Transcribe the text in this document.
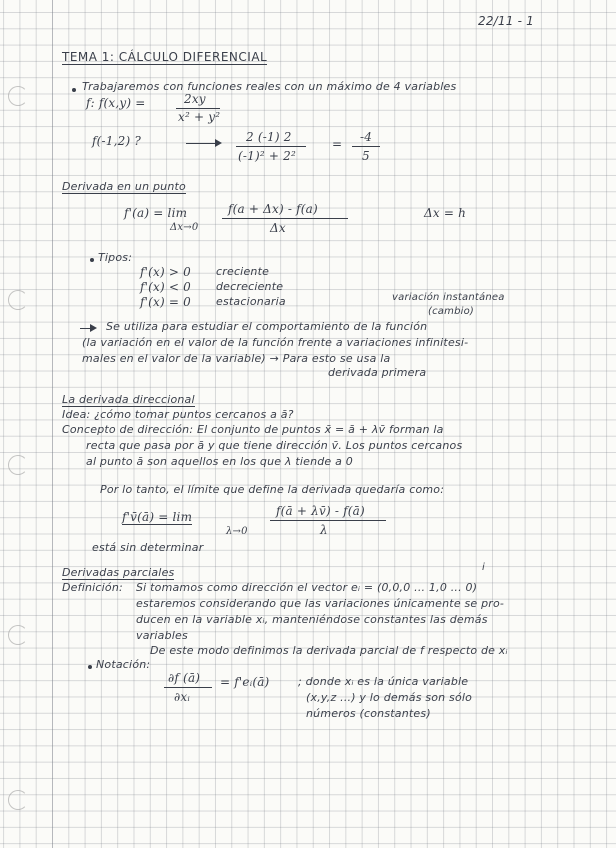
22/11 - 1
TEMA 1: CÁLCULO DIFERENCIAL
Trabajaremos con funciones reales con un máximo de 4 variables
f: f(x,y) =	2xy
x² + y²
f(-1,2) ?	2 (-1) 2
(-1)² + 2²
= -4
5
Derivada en un punto
f'(a) = lim
Δx→0
f(a + Δx) - f(a)
Δx
Δx = h
Tipos:
f'(x) > 0 creciente
f'(x) < 0 decreciente
f'(x) = 0 estacionaria	variación instantánea
(cambio)
Se utiliza para estudiar el comportamiento de la función
(la variación en el valor de la función frente a variaciones infinitesi-
males en el valor de la variable) → Para esto se usa la
derivada primera
La derivada direccional
Idea: ¿cómo tomar puntos cercanos a ā?
Concepto de dirección: El conjunto de puntos x̄ = ā + λv̄ forman la
recta que pasa por ā y que tiene dirección v̄. Los puntos cercanos
al punto ā son aquellos en los que λ tiende a 0
Por lo tanto, el límite que define la derivada quedaría como:
f'v̄(ā) = lim
λ→0
f(ā + λv̄) - f(ā)
λ
está sin determinar
Derivadas parciales
Definición: Si tomamos como dirección el vector eᵢ = (0,0,0 ... 1,0 ... 0)
i
estaremos considerando que las variaciones únicamente se pro-
ducen en la variable xᵢ, manteniéndose constantes las demás
variables
De este modo definimos la derivada parcial de f respecto de xᵢ
Notación:
∂f (ā)
∂xᵢ
= f'eᵢ(ā)	; donde xᵢ es la única variable
(x,y,z ...) y lo demás son sólo
números (constantes)
